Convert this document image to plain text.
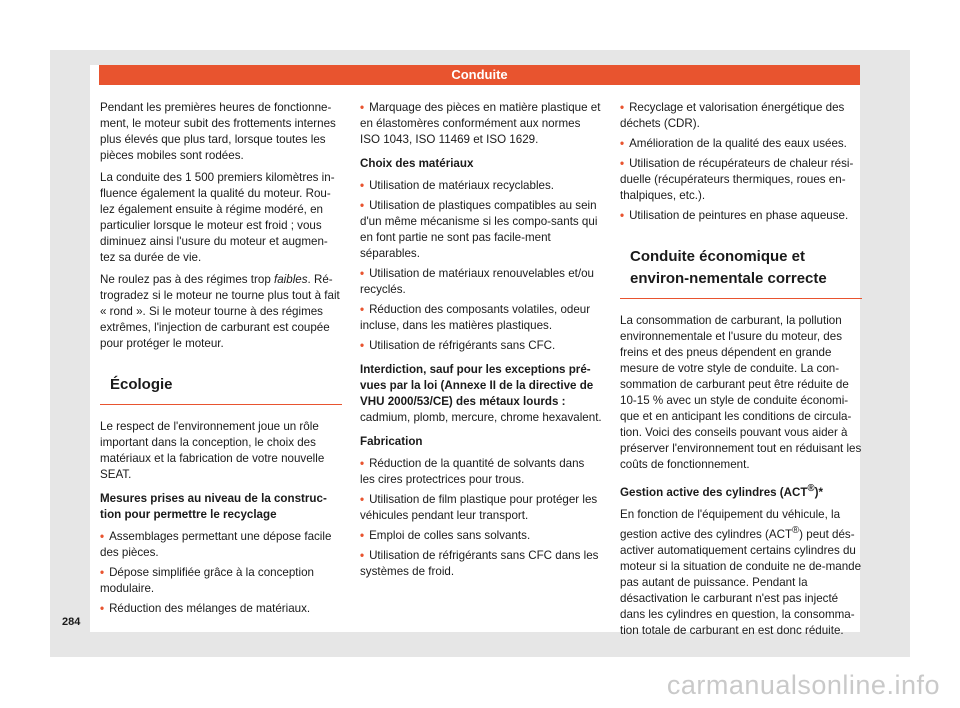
Conduite

Pendant les premières heures de fonctionne-ment, le moteur subit des frottements internes plus élevés que plus tard, lorsque toutes les pièces mobiles sont rodées.

La conduite des 1 500 premiers kilomètres in-fluence également la qualité du moteur. Rou-lez également ensuite à régime modéré, en particulier lorsque le moteur est froid ; vous diminuez ainsi l'usure du moteur et augmen-tez sa durée de vie.

Ne roulez pas à des régimes trop faibles. Ré-trogradez si le moteur ne tourne plus tout à fait « rond ». Si le moteur tourne à des régimes extrêmes, l'injection de carburant est coupée pour protéger le moteur.

Écologie

Le respect de l'environnement joue un rôle important dans la conception, le choix des matériaux et la fabrication de votre nouvelle SEAT.

Mesures prises au niveau de la construc-tion pour permettre le recyclage

• Assemblages permettant une dépose facile des pièces.
• Dépose simplifiée grâce à la conception modulaire.
• Réduction des mélanges de matériaux.
• Marquage des pièces en matière plastique et en élastomères conformément aux normes ISO 1043, ISO 11469 et ISO 1629.

Choix des matériaux

• Utilisation de matériaux recyclables.
• Utilisation de plastiques compatibles au sein d'un même mécanisme si les compo-sants qui en font partie ne sont pas facile-ment séparables.
• Utilisation de matériaux renouvelables et/ou recyclés.
• Réduction des composants volatiles, odeur incluse, dans les matières plastiques.
• Utilisation de réfrigérants sans CFC.

Interdiction, sauf pour les exceptions pré-vues par la loi (Annexe II de la directive de VHU 2000/53/CE) des métaux lourds : cadmium, plomb, mercure, chrome hexavalent.

Fabrication

• Réduction de la quantité de solvants dans les cires protectrices pour trous.
• Utilisation de film plastique pour protéger les véhicules pendant leur transport.
• Emploi de colles sans solvants.
• Utilisation de réfrigérants sans CFC dans les systèmes de froid.
• Recyclage et valorisation énergétique des déchets (CDR).
• Amélioration de la qualité des eaux usées.
• Utilisation de récupérateurs de chaleur rési-duelle (récupérateurs thermiques, roues en-thalpiques, etc.).
• Utilisation de peintures en phase aqueuse.
Conduite économique et environ-nementale correcte

La consommation de carburant, la pollution environnementale et l'usure du moteur, des freins et des pneus dépendent en grande mesure de votre style de conduite. La con-sommation de carburant peut être réduite de 10-15 % avec un style de conduite économi-que et en anticipant les conditions de circula-tion. Voici des conseils pouvant vous aider à préserver l'environnement tout en réduisant les coûts de fonctionnement.

Gestion active des cylindres (ACT®)*

En fonction de l'équipement du véhicule, la gestion active des cylindres (ACT®) peut dés-activer automatiquement certains cylindres du moteur si la situation de conduite ne de-mande pas autant de puissance. Pendant la désactivation le carburant n'est pas injecté dans les cylindres en question, la consomma-tion totale de carburant en est donc réduite.

284
carmanualsonline.info
